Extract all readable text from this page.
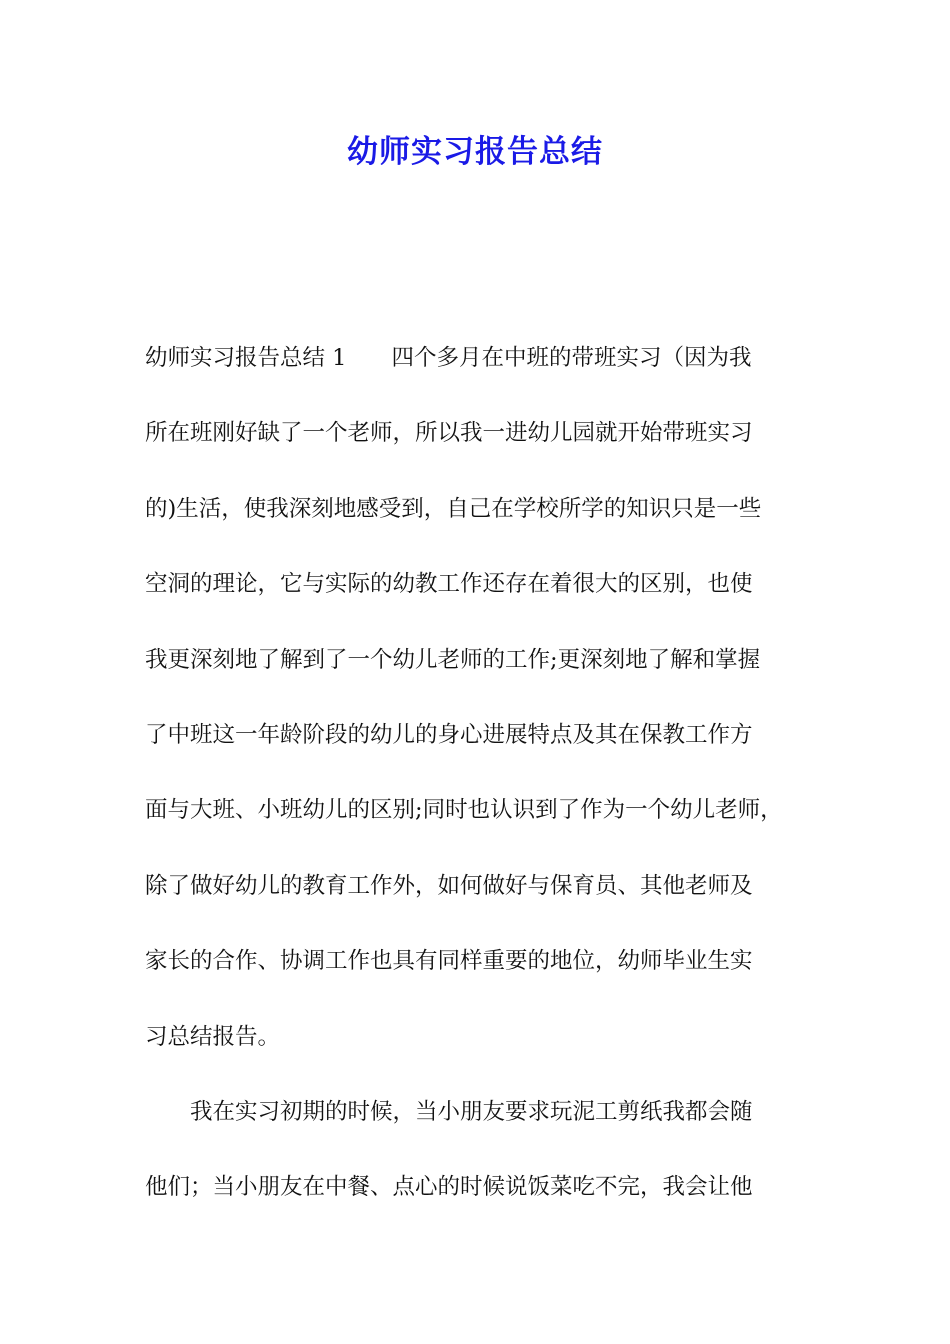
幼师实习报告总结
幼师实习报告总结 1　　四个多月在中班的带班实习（因为我
所在班刚好缺了一个老师，所以我一进幼儿园就开始带班实习
的)生活，使我深刻地感受到，自己在学校所学的知识只是一些
空洞的理论，它与实际的幼教工作还存在着很大的区别，也使
我更深刻地了解到了一个幼儿老师的工作;更深刻地了解和掌握
了中班这一年龄阶段的幼儿的身心进展特点及其在保教工作方
面与大班、小班幼儿的区别;同时也认识到了作为一个幼儿老师，
除了做好幼儿的教育工作外，如何做好与保育员、其他老师及
家长的合作、协调工作也具有同样重要的地位，幼师毕业生实
习总结报告。
　　我在实习初期的时候，当小朋友要求玩泥工剪纸我都会随
他们；当小朋友在中餐、点心的时候说饭菜吃不完，我会让他
